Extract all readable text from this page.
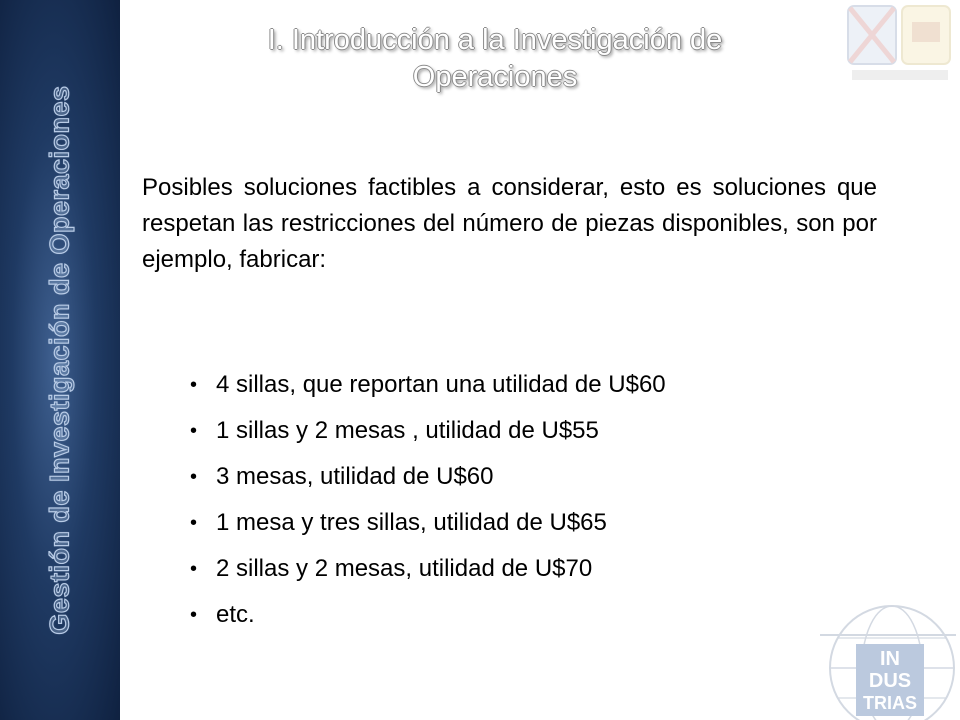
Gestión de Investigación de Operaciones
I. Introducción a la Investigación de
Operaciones
Posibles soluciones factibles a considerar, esto es soluciones que respetan las restricciones del número de piezas disponibles, son por ejemplo, fabricar:
• 4 sillas, que reportan una utilidad de U$60
• 1 sillas y 2 mesas , utilidad de U$55
• 3 mesas, utilidad de U$60
• 1 mesa y tres sillas, utilidad de U$65
• 2 sillas y 2 mesas, utilidad de U$70
• etc.
IN
DUS
TRIAS
